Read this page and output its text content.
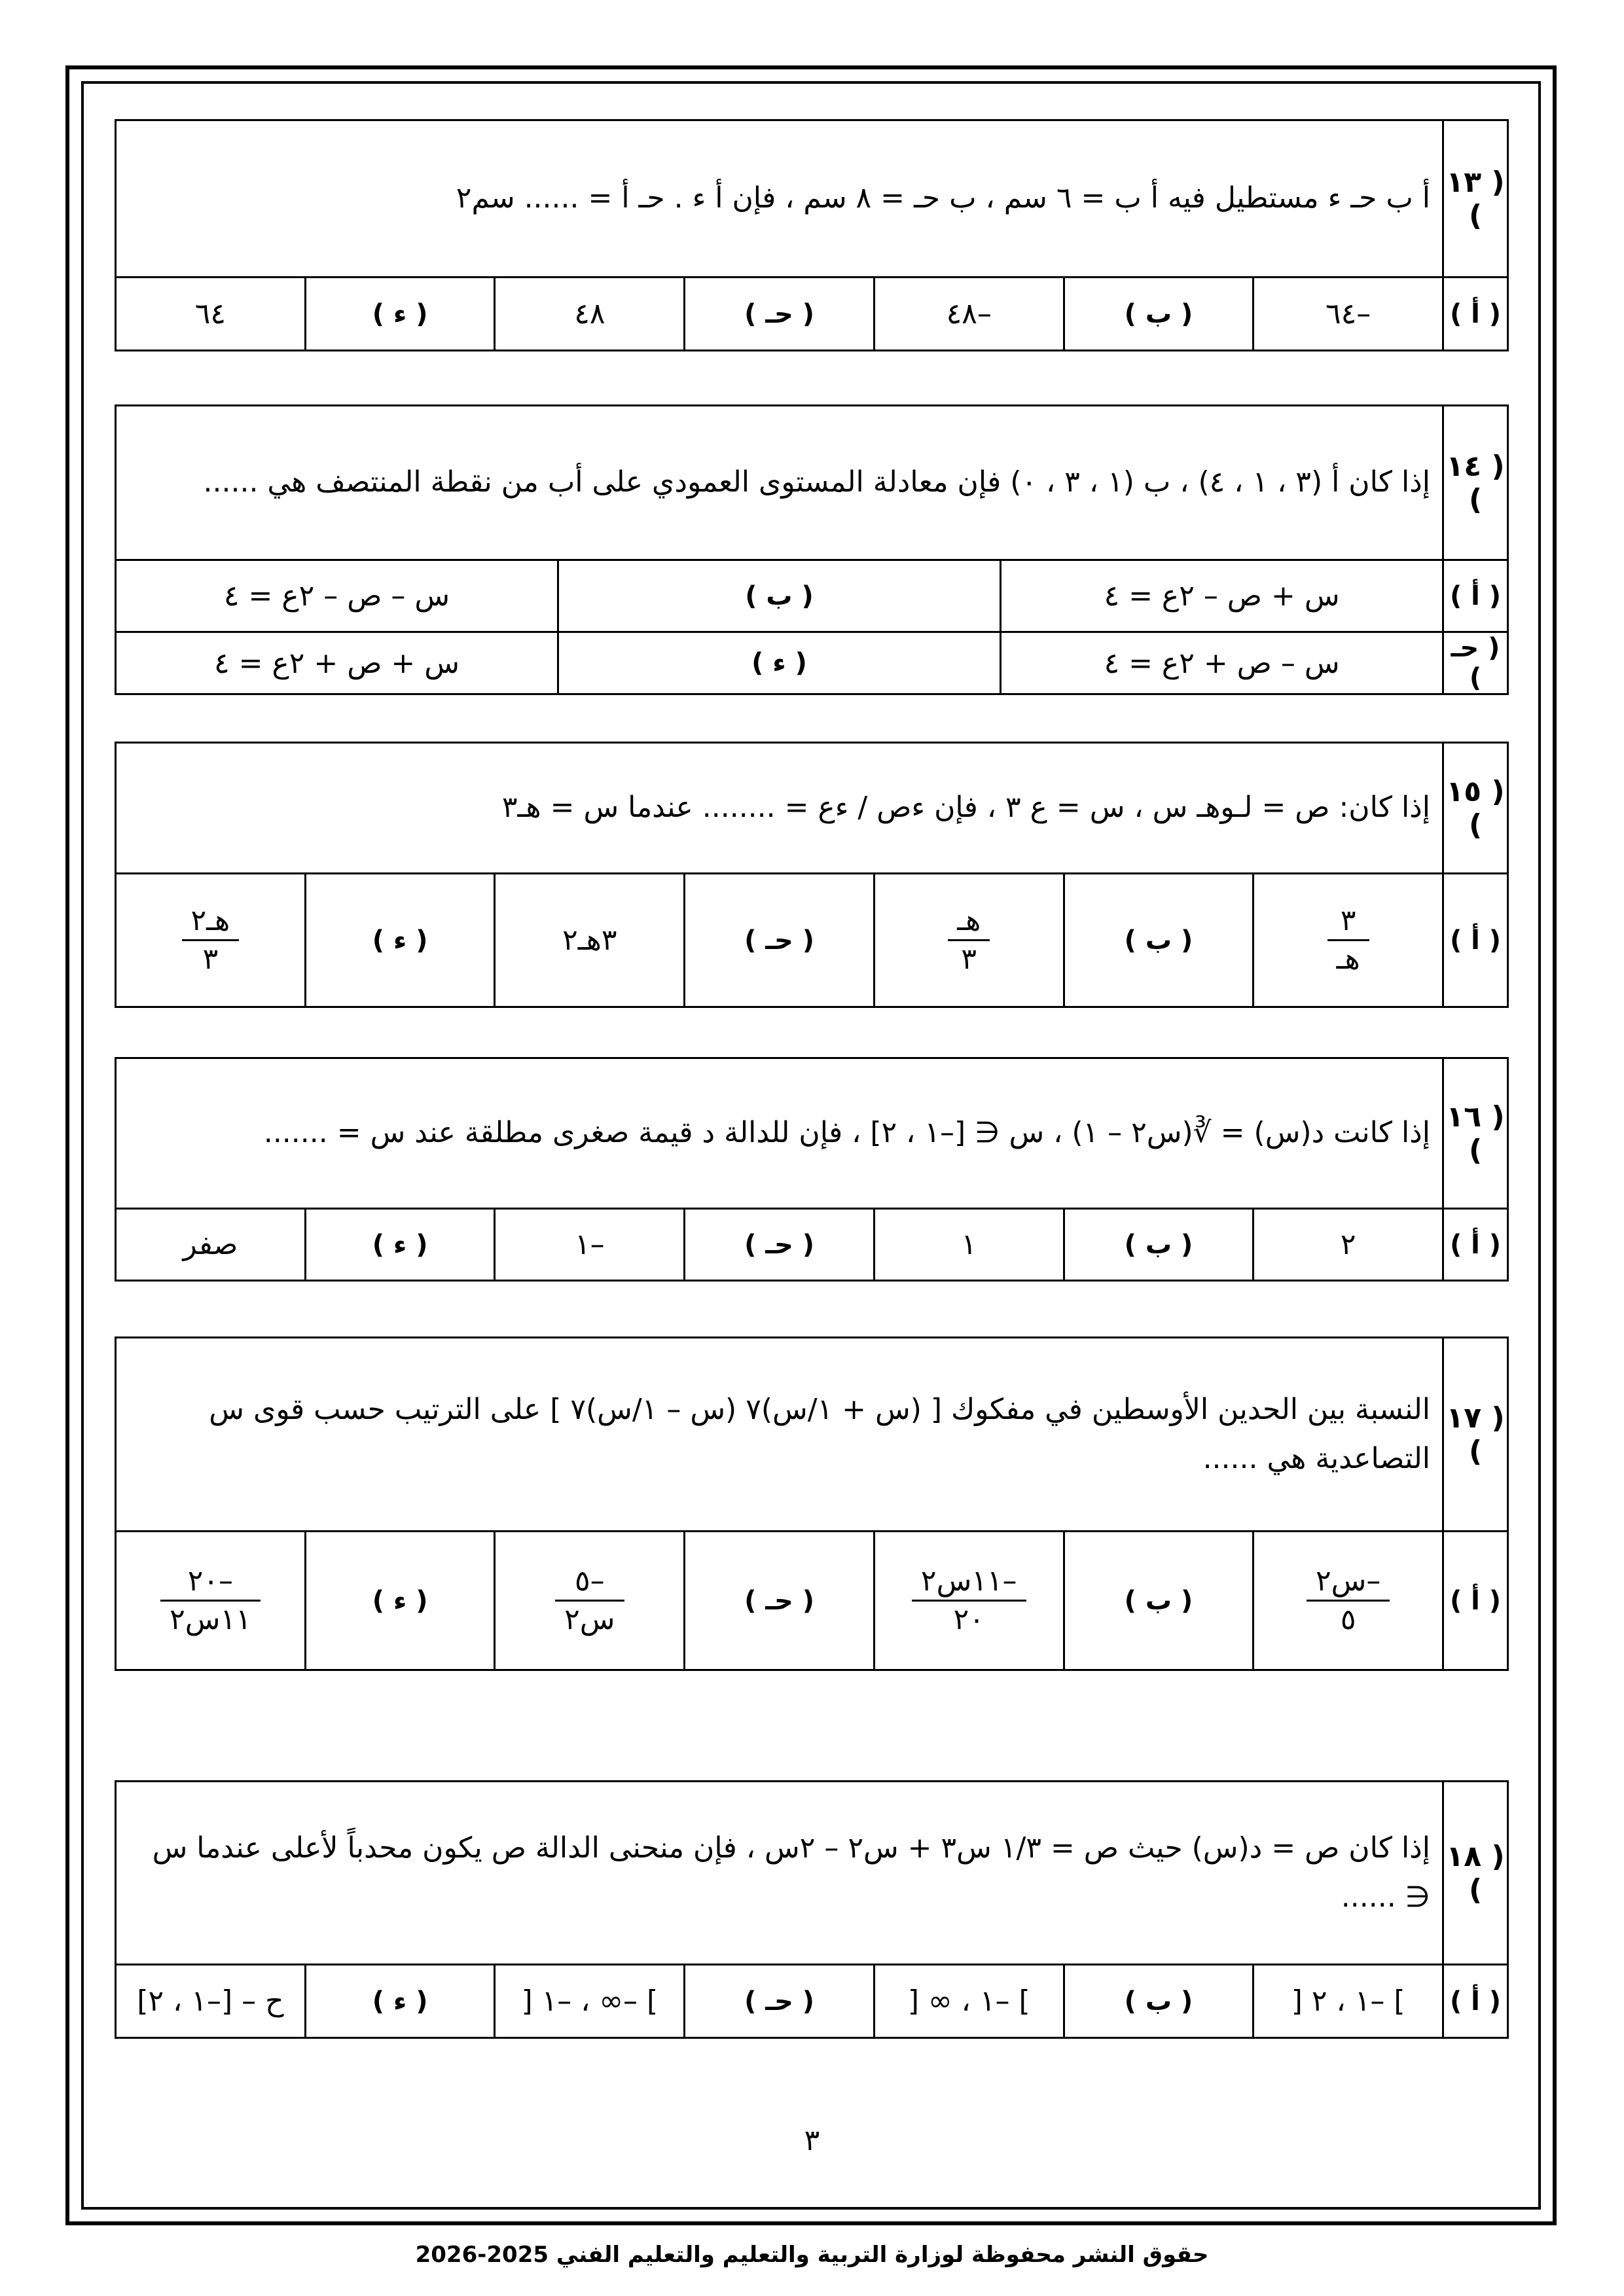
( ١٣ )	أ ب حـ ء مستطيل فيه أ ب = ٦ سم ، ب حـ = ٨ سم ، فإن أ ء . حـ أ = ...... سم٢						
( أ )	–٦٤	( ب )	–٤٨	( حـ )	٤٨	( ء )	٦٤
( ١٤ )	إذا كان أ (٣ ، ١ ، ٤) ، ب (١ ، ٣ ، ٠) فإن معادلة المستوى العمودي على أب من نقطة المنتصف هي ......		
( أ )	س + ص – ٢ع = ٤	( ب )	س – ص – ٢ع = ٤
( حـ )	س – ص + ٢ع = ٤	( ء )	س + ص + ٢ع = ٤
( ١٥ )	إذا كان: ص = لـوهـ س ، س = ع ٣ ، فإن ءص / ءع = ........ عندما س = هـ٣						
( أ )	$\frac{٣}{\text{هـ}}$	( ب )	$\frac{\text{هـ}}{٣}$	( حـ )	٣هـ٢	( ء )	$\frac{\text{هـ٢}}{٣}$
( ١٦ )	إذا كانت د(س) = ∛(س٢ – ١) ، س ∈ [–١ ، ٢] ، فإن للدالة د قيمة صغرى مطلقة عند س = .......						
( أ )	٢	( ب )	١	( حـ )	–١	( ء )	صفر
( ١٧ )	النسبة بين الحدين الأوسطين في مفكوك [ (س + ١/س)٧ (س – ١/س)٧ ] على الترتيب حسب قوى س التصاعدية هي ......						
( أ )	$\frac{\text{–س٢}}{٥}$	( ب )	$\frac{\text{–١١س٢}}{٢٠}$	( حـ )	$\frac{-٥}{\text{س٢}}$	( ء )	$\frac{-٢٠}{\text{١١س٢}}$
( ١٨ )	إذا كان ص = د(س) حيث ص = ١/٣ س٣ + س٢ – ٢س ، فإن منحنى الدالة ص يكون محدباً لأعلى عندما س ∈ ......						
( أ )	] –١ ، ٢ [	( ب )	] –١ ، ∞ [	( حـ )	] –∞ ، –١ [	( ء )	ح – [–١ ، ٢]
٣
حقوق النشر محفوظة لوزارة التربية والتعليم والتعليم الفني 2025-2026
